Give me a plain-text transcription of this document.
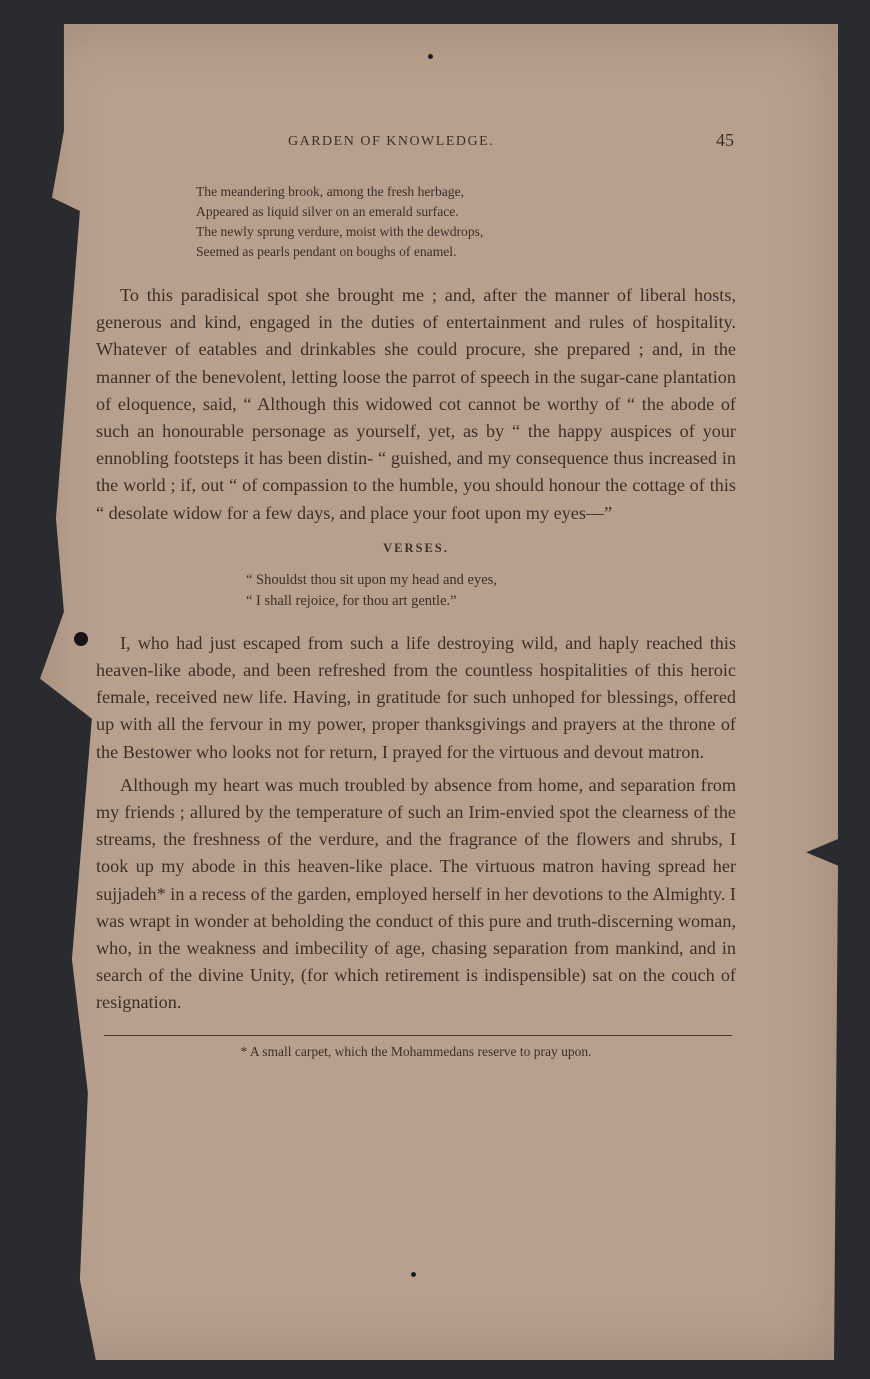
GARDEN OF KNOWLEDGE.	45
The meandering brook, among the fresh herbage,
Appeared as liquid silver on an emerald surface.
The newly sprung verdure, moist with the dewdrops,
Seemed as pearls pendant on boughs of enamel.

To this paradisical spot she brought me ; and, after the manner of liberal hosts, generous and kind, engaged in the duties of entertainment and rules of hospitality. Whatever of eatables and drinkables she could procure, she prepared ; and, in the manner of the benevolent, letting loose the parrot of speech in the sugar-cane plantation of eloquence, said, “ Although this widowed cot cannot be worthy of “ the abode of such an honourable personage as yourself, yet, as by “ the happy auspices of your ennobling footsteps it has been distin- “ guished, and my consequence thus increased in the world ; if, out “ of compassion to the humble, you should honour the cottage of this “ desolate widow for a few days, and place your foot upon my eyes—”

VERSES.
“ Shouldst thou sit upon my head and eyes,
“ I shall rejoice, for thou art gentle.”

I, who had just escaped from such a life destroying wild, and haply reached this heaven-like abode, and been refreshed from the countless hospitalities of this heroic female, received new life. Having, in gratitude for such unhoped for blessings, offered up with all the fervour in my power, proper thanksgivings and prayers at the throne of the Bestower who looks not for return, I prayed for the virtuous and devout matron.

Although my heart was much troubled by absence from home, and separation from my friends ; allured by the temperature of such an Irim-envied spot the clearness of the streams, the freshness of the verdure, and the fragrance of the flowers and shrubs, I took up my abode in this heaven-like place. The virtuous matron having spread her sujjadeh* in a recess of the garden, employed herself in her devotions to the Almighty. I was wrapt in wonder at beholding the conduct of this pure and truth-discerning woman, who, in the weakness and imbecility of age, chasing separation from mankind, and in search of the divine Unity, (for which retirement is indispensible) sat on the couch of resignation.

* A small carpet, which the Mohammedans reserve to pray upon.
